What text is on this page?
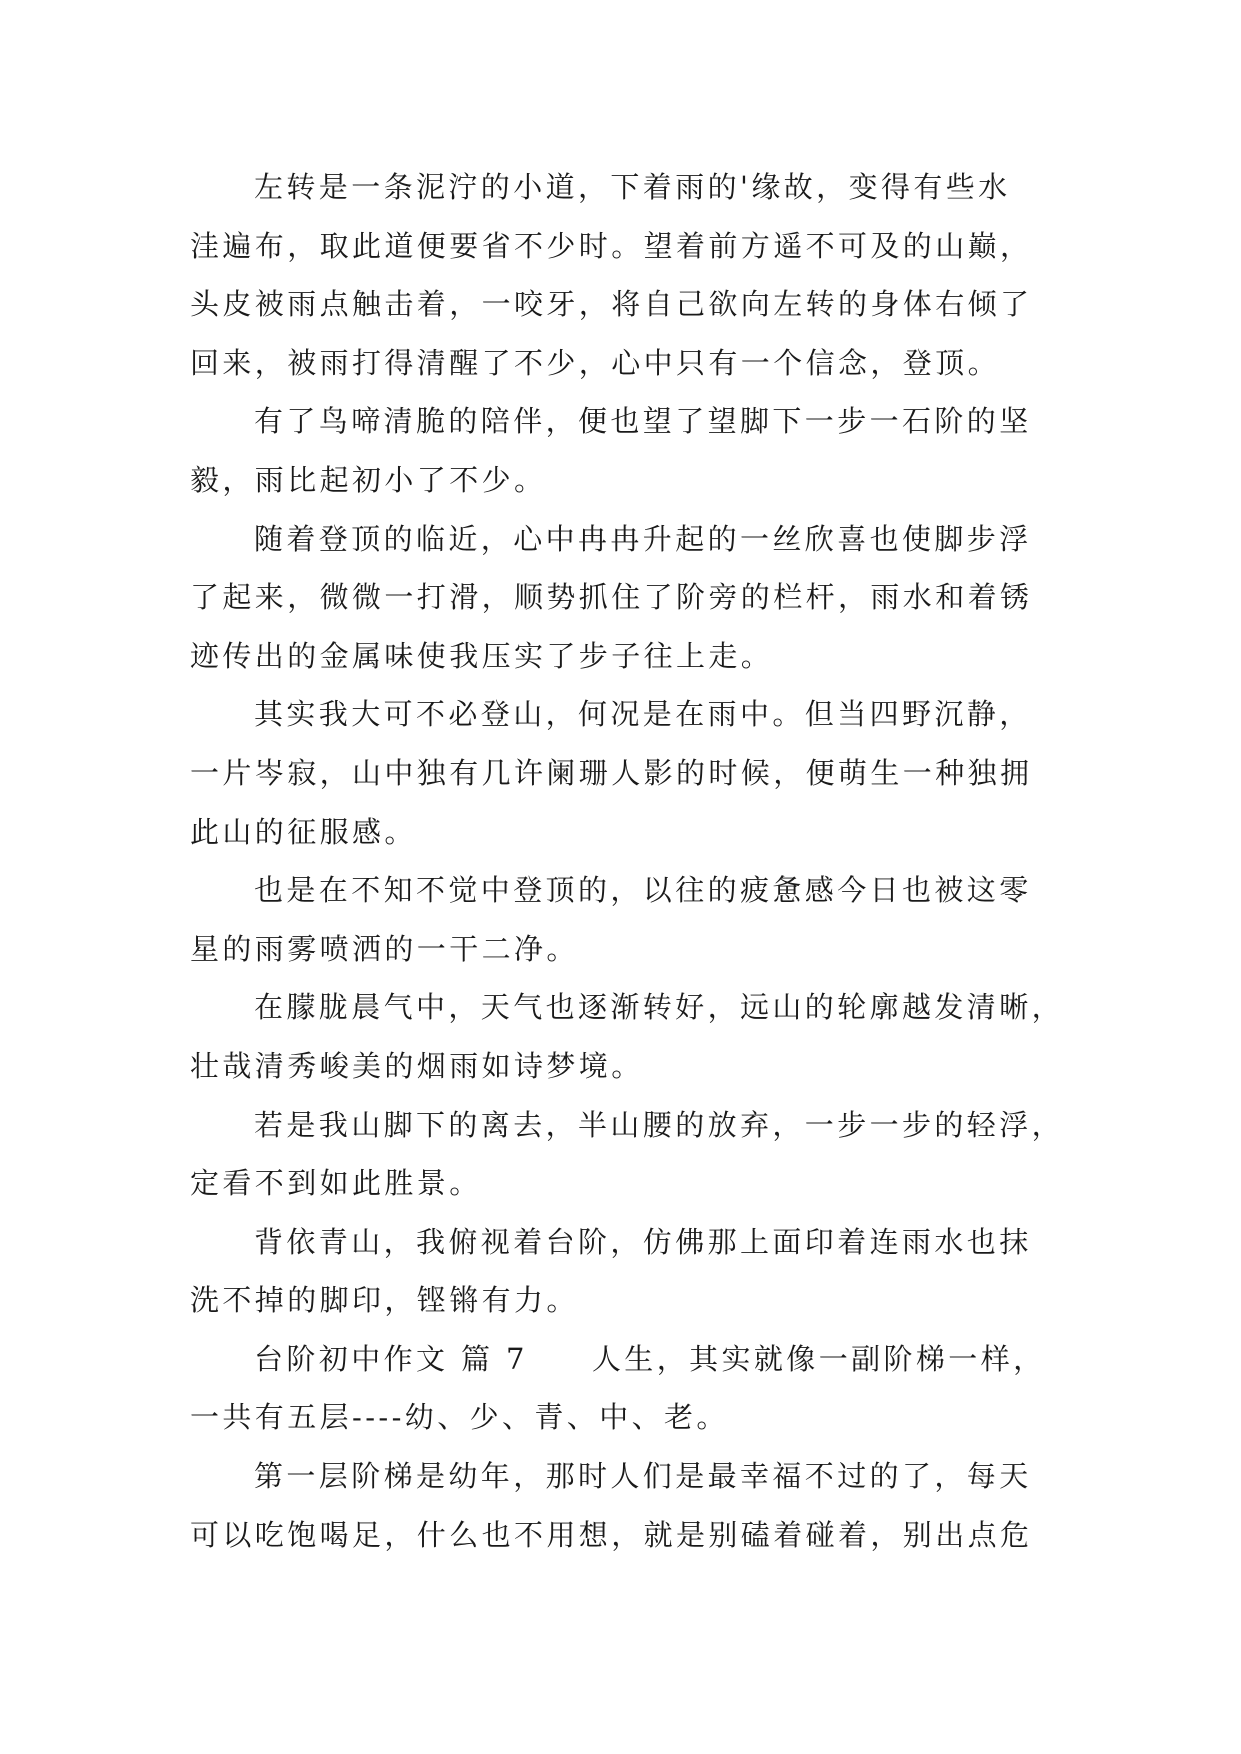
左转是一条泥泞的小道，下着雨的'缘故，变得有些水
洼遍布，取此道便要省不少时。望着前方遥不可及的山巅，
头皮被雨点触击着，一咬牙，将自己欲向左转的身体右倾了
回来，被雨打得清醒了不少，心中只有一个信念，登顶。
有了鸟啼清脆的陪伴，便也望了望脚下一步一石阶的坚
毅，雨比起初小了不少。
随着登顶的临近，心中冉冉升起的一丝欣喜也使脚步浮
了起来，微微一打滑，顺势抓住了阶旁的栏杆，雨水和着锈
迹传出的金属味使我压实了步子往上走。
其实我大可不必登山，何况是在雨中。但当四野沉静，
一片岑寂，山中独有几许阑珊人影的时候，便萌生一种独拥
此山的征服感。
也是在不知不觉中登顶的，以往的疲惫感今日也被这零
星的雨雾喷洒的一干二净。
在朦胧晨气中，天气也逐渐转好，远山的轮廓越发清晰，
壮哉清秀峻美的烟雨如诗梦境。
若是我山脚下的离去，半山腰的放弃，一步一步的轻浮，
定看不到如此胜景。
背依青山，我俯视着台阶，仿佛那上面印着连雨水也抹
洗不掉的脚印，铿锵有力。
台阶初中作文 篇 7 人生，其实就像一副阶梯一样，
一共有五层----幼、少、青、中、老。
第一层阶梯是幼年，那时人们是最幸福不过的了，每天
可以吃饱喝足，什么也不用想，就是别磕着碰着，别出点危
